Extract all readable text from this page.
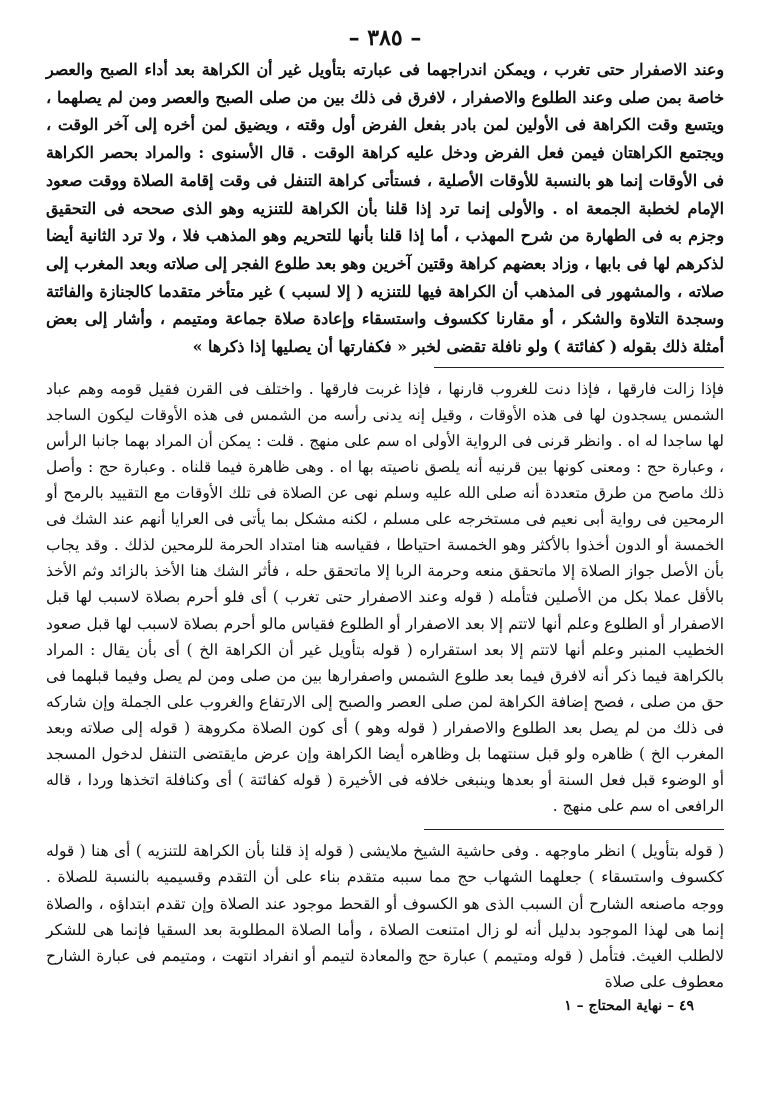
– ٣٨٥ –

وعند الاصفرار حتى تغرب ، ويمكن اندراجهما فى عبارته بتأويل غير أن الكراهة بعد أداء الصبح والعصر خاصة بمن صلى وعند الطلوع والاصفرار ، لافرق فى ذلك بين من صلى الصبح والعصر ومن لم يصلهما ، ويتسع وقت الكراهة فى الأولين لمن بادر بفعل الفرض أول وقته ، ويضيق لمن أخره إلى آخر الوقت ، ويجتمع الكراهتان فيمن فعل الفرض ودخل عليه كراهة الوقت . قال الأسنوى : والمراد بحصر الكراهة فى الأوقات إنما هو بالنسبة للأوقات الأصلية ، فستأتى كراهة التنفل فى وقت إقامة الصلاة ووقت صعود الإمام لخطبة الجمعة اه . والأولى إنما ترد إذا قلنا بأن الكراهة للتنزيه وهو الذى صححه فى التحقيق وجزم به فى الطهارة من شرح المهذب ، أما إذا قلنا بأنها للتحريم وهو المذهب فلا ، ولا ترد الثانية أيضا لذكرهم لها فى بابها ، وزاد بعضهم كراهة وقتين آخرين وهو بعد طلوع الفجر إلى صلاته وبعد المغرب إلى صلاته ، والمشهور فى المذهب أن الكراهة فيها للتنزيه ( إلا لسبب ) غير متأخر متقدما كالجنازة والفائتة وسجدة التلاوة والشكر ، أو مقارنا ككسوف واستسقاء وإعادة صلاة جماعة ومتيمم ، وأشار إلى بعض أمثلة ذلك بقوله ( كفائتة ) ولو نافلة تقضى لخبر « فكفارتها أن يصليها إذا ذكرها »

فإذا زالت فارقها ، فإذا دنت للغروب قارنها ، فإذا غربت فارقها . واختلف فى القرن فقيل قومه وهم عباد الشمس يسجدون لها فى هذه الأوقات ، وقيل إنه يدنى رأسه من الشمس فى هذه الأوقات ليكون الساجد لها ساجدا له اه . وانظر قرنى فى الرواية الأولى اه سم على منهج . قلت : يمكن أن المراد بهما جانبا الرأس ، وعبارة حج : ومعنى كونها بين قرنيه أنه يلصق ناصيته بها اه . وهى ظاهرة فيما قلناه . وعبارة حج : وأصل ذلك ماصح من طرق متعددة أنه صلى الله عليه وسلم نهى عن الصلاة فى تلك الأوقات مع التقييد بالرمح أو الرمحين فى رواية أبى نعيم فى مستخرجه على مسلم ، لكنه مشكل بما يأتى فى العرايا أنهم عند الشك فى الخمسة أو الدون أخذوا بالأكثر وهو الخمسة احتياطا ، فقياسه هنا امتداد الحرمة للرمحين لذلك . وقد يجاب بأن الأصل جواز الصلاة إلا ماتحقق منعه وحرمة الربا إلا ماتحقق حله ، فأثر الشك هنا الأخذ بالزائد وثم الأخذ بالأقل عملا بكل من الأصلين فتأمله ( قوله وعند الاصفرار حتى تغرب ) أى فلو أحرم بصلاة لاسبب لها قبل الاصفرار أو الطلوع وعلم أنها لاتتم إلا بعد الاصفرار أو الطلوع فقياس مالو أحرم بصلاة لاسبب لها قبل صعود الخطيب المنبر وعلم أنها لاتتم إلا بعد استقراره ( قوله بتأويل غير أن الكراهة الخ ) أى بأن يقال : المراد بالكراهة فيما ذكر أنه لافرق فيما بعد طلوع الشمس واصفرارها بين من صلى ومن لم يصل وفيما قبلهما فى حق من صلى ، فصح إضافة الكراهة لمن صلى العصر والصبح إلى الارتفاع والغروب على الجملة وإن شاركه فى ذلك من لم يصل بعد الطلوع والاصفرار ( قوله وهو ) أى كون الصلاة مكروهة ( قوله إلى صلاته وبعد المغرب الخ ) ظاهره ولو قبل سنتهما بل وظاهره أيضا الكراهة وإن عرض مايقتضى التنفل لدخول المسجد أو الوضوء قبل فعل السنة أو بعدها وينبغى خلافه فى الأخيرة ( قوله كفائتة ) أى وكنافلة اتخذها وردا ، قاله الرافعى اه سم على منهج .

( قوله بتأويل ) انظر ماوجهه . وفى حاشية الشيخ ملايشى ( قوله إذ قلنا بأن الكراهة للتنزيه ) أى هنا ( قوله ككسوف واستسقاء ) جعلهما الشهاب حج مما سببه متقدم بناء على أن التقدم وقسيميه بالنسبة للصلاة . ووجه ماصنعه الشارح أن السبب الذى هو الكسوف أو القحط موجود عند الصلاة وإن تقدم ابتداؤه ، والصلاة إنما هى لهذا الموجود بدليل أنه لو زال امتنعت الصلاة ، وأما الصلاة المطلوبة بعد السقيا فإنما هى للشكر لالطلب الغيث. فتأمل ( قوله ومتيمم ) عبارة حج والمعادة لتيمم أو انفراد انتهت ، ومتيمم فى عبارة الشارح معطوف على صلاة

٤٩ – نهاية المحتاج – ١
